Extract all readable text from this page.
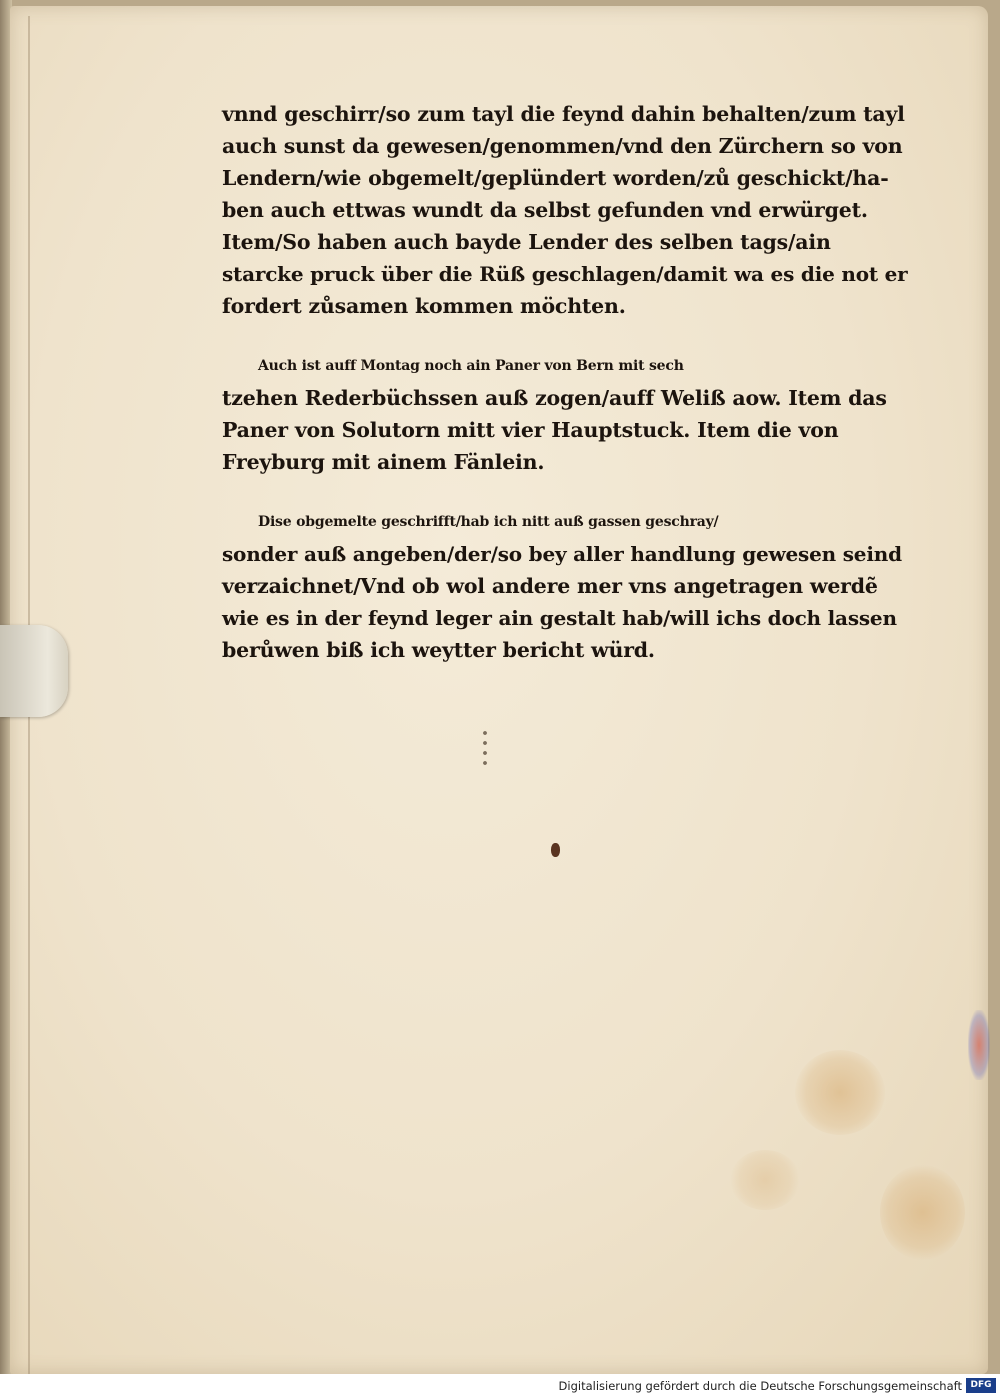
vnnd geschirr/so zum tayl die feynd dahin behalten/zum tayl
auch sunst da gewesen/genommen/vnd den Zürchern so von
Lendern/wie obgemelt/geplündert worden/zů geschickt/ha-
ben auch ettwas wundt da selbst gefunden vnd erwürget.
Item/So haben auch bayde Lender des selben tags/ain
starcke pruck über die Rüß geschlagen/damit wa es die not er
fordert zůsamen kommen möchten.

Auch ist auff Montag noch ain Paner von Bern mit sech
tzehen Rederbüchssen auß zogen/auff Weliß aow. Item das
Paner von Solutorn mitt vier Hauptstuck. Item die von
Freyburg mit ainem Fänlein.

Dise obgemelte geschrifft/hab ich nitt auß gassen geschray/
sonder auß angeben/der/so bey aller handlung gewesen seind
verzaichnet/Vnd ob wol andere mer vns angetragen werdẽ
wie es in der feynd leger ain gestalt hab/will ichs doch lassen
berůwen biß ich weytter bericht würd.

Digitalisierung gefördert durch die Deutsche Forschungsgemeinschaft DFG
